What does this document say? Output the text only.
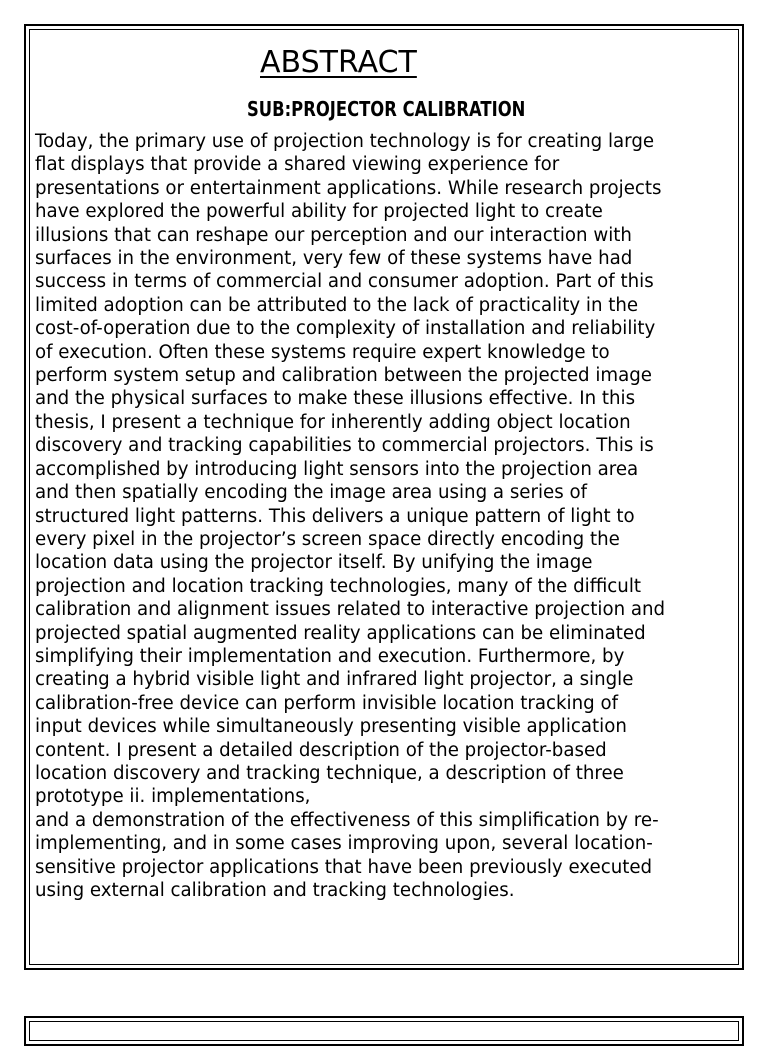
ABSTRACT
SUB:PROJECTOR CALIBRATION

Today, the primary use of projection technology is for creating large
flat displays that provide a shared viewing experience for
presentations or entertainment applications. While research projects
have explored the powerful ability for projected light to create
illusions that can reshape our perception and our interaction with
surfaces in the environment, very few of these systems have had
success in terms of commercial and consumer adoption. Part of this
limited adoption can be attributed to the lack of practicality in the
cost-of-operation due to the complexity of installation and reliability
of execution. Often these systems require expert knowledge to
perform system setup and calibration between the projected image
and the physical surfaces to make these illusions effective. In this
thesis, I present a technique for inherently adding object location
discovery and tracking capabilities to commercial projectors. This is
accomplished by introducing light sensors into the projection area
and then spatially encoding the image area using a series of
structured light patterns. This delivers a unique pattern of light to
every pixel in the projector’s screen space directly encoding the
location data using the projector itself. By unifying the image
projection and location tracking technologies, many of the difficult
calibration and alignment issues related to interactive projection and
projected spatial augmented reality applications can be eliminated
simplifying their implementation and execution. Furthermore, by
creating a hybrid visible light and infrared light projector, a single
calibration-free device can perform invisible location tracking of
input devices while simultaneously presenting visible application
content. I present a detailed description of the projector-based
location discovery and tracking technique, a description of three
prototype ii. implementations,
and a demonstration of the effectiveness of this simplification by re-
implementing, and in some cases improving upon, several location-
sensitive projector applications that have been previously executed
using external calibration and tracking technologies.
